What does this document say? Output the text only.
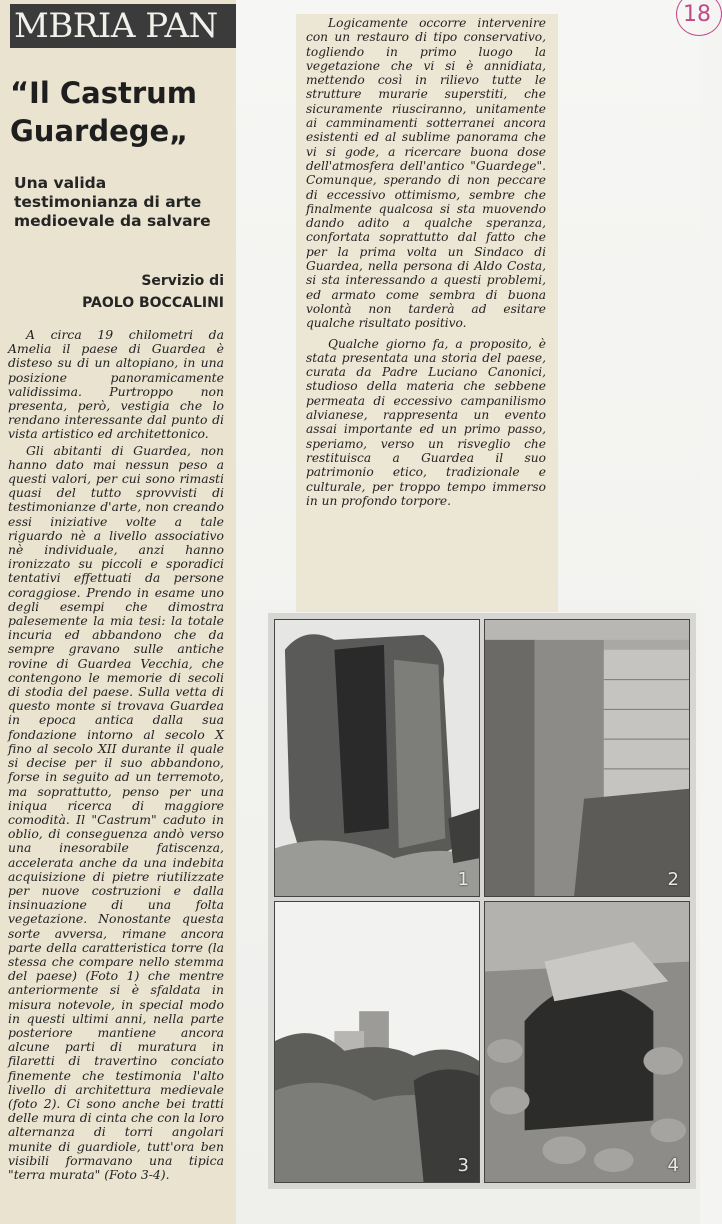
18
MBRIA PAN
“Il Castrum Guardege„
Una valida testimonianza di arte medioevale da salvare
Servizio di
PAOLO BOCCALINI

A circa 19 chilometri da Amelia il paese di Guardea è disteso su di un altopiano, in una posizione panoramicamente validissima. Purtroppo non presenta, però, vestigia che lo rendano interessante dal punto di vista artistico ed architettonico.

Gli abitanti di Guardea, non hanno dato mai nessun peso a questi valori, per cui sono rimasti quasi del tutto sprovvisti di testimonianze d'arte, non creando essi iniziative volte a tale riguardo nè a livello associativo nè individuale, anzi hanno ironizzato su piccoli e sporadici tentativi effettuati da persone coraggiose. Prendo in esame uno degli esempi che dimostra palesemente la mia tesi: la totale incuria ed abbandono che da sempre gravano sulle antiche rovine di Guardea Vecchia, che contengono le memorie di secoli di stodia del paese. Sulla vetta di questo monte si trovava Guardea in epoca antica dalla sua fondazione intorno al secolo X fino al secolo XII durante il quale si decise per il suo abbandono, forse in seguito ad un terremoto, ma soprattutto, penso per una iniqua ricerca di maggiore comodità. Il "Castrum" caduto in oblio, di conseguenza andò verso una inesorabile fatiscenza, accelerata anche da una indebita acquisizione di pietre riutilizzate per nuove costruzioni e dalla insinuazione di una folta vegetazione. Nonostante questa sorte avversa, rimane ancora parte della caratteristica torre (la stessa che compare nello stemma del paese) (Foto 1) che mentre anteriormente si è sfaldata in misura notevole, in special modo in questi ultimi anni, nella parte posteriore mantiene ancora alcune parti di muratura in filaretti di travertino conciato finemente che testimonia l'alto livello di architettura medievale (foto 2). Ci sono anche bei tratti delle mura di cinta che con la loro alternanza di torri angolari munite di guardiole, tutt'ora ben visibili formavano una tipica "terra murata" (Foto 3-4).

Logicamente occorre intervenire con un restauro di tipo conservativo, togliendo in primo luogo la vegetazione che vi si è annidiata, mettendo così in rilievo tutte le strutture murarie superstiti, che sicuramente riusciranno, unitamente ai camminamenti sotterranei ancora esistenti ed al sublime panorama che vi si gode, a ricercare buona dose dell'atmosfera dell'antico "Guardege". Comunque, sperando di non peccare di eccessivo ottimismo, sembre che finalmente qualcosa si sta muovendo dando adito a qualche speranza, confortata soprattutto dal fatto che per la prima volta un Sindaco di Guardea, nella persona di Aldo Costa, si sta interessando a questi problemi, ed armato come sembra di buona volontà non tarderà ad esitare qualche risultato positivo.

Qualche giorno fa, a proposito, è stata presentata una storia del paese, curata da Padre Luciano Canonici, studioso della materia che sebbene permeata di eccessivo campanilismo alvianese, rappresenta un evento assai importante ed un primo passo, speriamo, verso un risveglio che restituisca a Guardea il suo patrimonio etico, tradizionale e culturale, per troppo tempo immerso in un profondo torpore.

1	2
3	4
